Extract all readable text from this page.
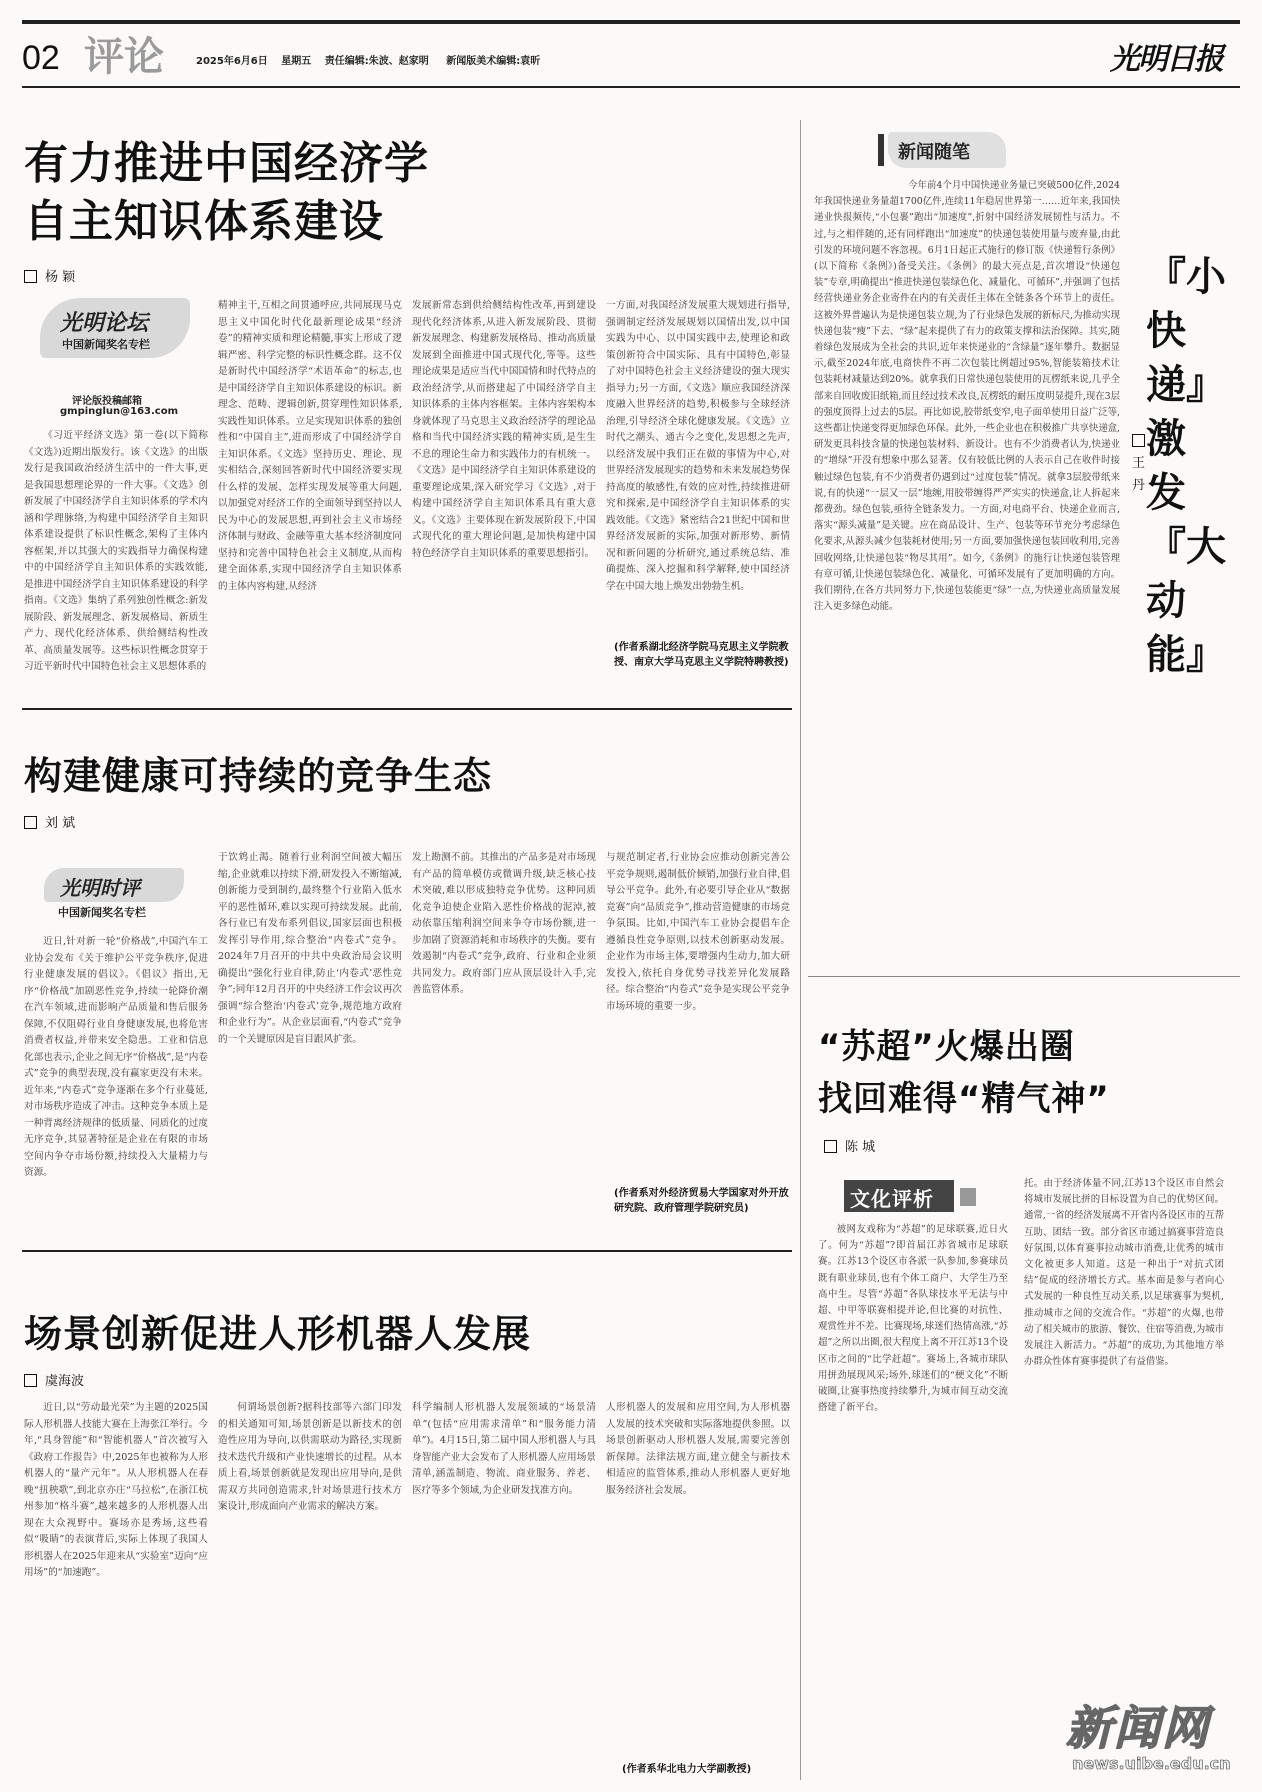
02 评论	2025年6月6日 星期五 责任编辑:朱波、赵家明 新闻版美术编辑:袁昕	光明日报
有力推进中国经济学
自主知识体系建设
杨 颖
光明论坛
中国新闻奖名专栏
评论版投稿邮箱
gmpinglun@163.com

《习近平经济文选》第一卷(以下简称《文选》)近期出版发行。该《文选》的出版发行是我国政治经济生活中的一件大事,更是我国思想理论界的一件大事。《文选》创新发展了中国经济学自主知识体系的学术内涵和学理脉络,为构建中国经济学自主知识体系建设提供了标识性概念,架构了主体内容框架,并以其强大的实践指导力确保构建中的中国经济学自主知识体系的实践效能,是推进中国经济学自主知识体系建设的科学指南。《文选》集纳了系列独创性概念:新发展阶段、新发展理念、新发展格局、新质生产力、现代化经济体系、供给侧结构性改革、高质量发展等。这些标识性概念贯穿于习近平新时代中国特色社会主义思想体系的

精神主干,互相之间贯通呼应,共同展现马克思主义中国化时代化最新理论成果“经济卷”的精神实质和理论精髓,事实上形成了逻辑严密、科学完整的标识性概念群。这不仅是新时代中国经济学“术语革命”的标志,也是中国经济学自主知识体系建设的标识。新理念、范畴、逻辑创新,贯穿理性知识体系,实践性知识体系。立足实现知识体系的独创性和“中国自主”,进而形成了中国经济学自主知识体系。《文选》坚持历史、理论、现实相结合,深刻回答新时代中国经济要实现什么样的发展、怎样实现发展等重大问题,以加强党对经济工作的全面领导到坚持以人民为中心的发展思想,再到社会主义市场经济体制与财政、金融等重大基本经济制度同坚持和完善中国特色社会主义制度,从而构建全面体系,实现中国经济学自主知识体系的主体内容构建,从经济

发展新常态到供给侧结构性改革,再到建设现代化经济体系,从进入新发展阶段、贯彻新发展理念、构建新发展格局、推动高质量发展到全面推进中国式现代化,等等。这些理论成果是适应当代中国国情和时代特点的政治经济学,从而搭建起了中国经济学自主知识体系的主体内容框架。主体内容架构本身就体现了马克思主义政治经济学的理论品格和当代中国经济实践的精神实质,是生生不息的理论生命力和实践伟力的有机统一。《文选》是中国经济学自主知识体系建设的重要理论成果,深入研究学习《文选》,对于构建中国经济学自主知识体系具有重大意义。《文选》主要体现在新发展阶段下,中国式现代化的重大理论问题,是加快构建中国特色经济学自主知识体系的重要思想指引。

一方面,对我国经济发展重大规划进行指导,强调制定经济发展规划以国情出发,以中国实践为中心、以中国实践中去,使理论和政策创新符合中国实际、具有中国特色,彰显了对中国特色社会主义经济建设的强大现实指导力;另一方面,《文选》顺应我国经济深度融入世界经济的趋势,积极参与全球经济治理,引导经济全球化健康发展。《文选》立时代之潮头、通古今之变化,发思想之先声,以经济发展中我们正在做的事情为中心,对世界经济发展现实的趋势和未来发展趋势保持高度的敏感性,有效的应对性,持续推进研究和探索,是中国经济学自主知识体系的实践效能。《文选》紧密结合21世纪中国和世界经济发展新的实际,加强对新形势、新情况和新问题的分析研究,通过系统总结、准确提炼、深入挖掘和科学解释,使中国经济学在中国大地上焕发出勃勃生机。

(作者系湖北经济学院马克思主义学院教授、南京大学马克思主义学院特聘教授)
构建健康可持续的竞争生态
刘 斌
光明时评
中国新闻奖名专栏

近日,针对新一轮“价格战”,中国汽车工业协会发布《关于维护公平竞争秩序,促进行业健康发展的倡议》。《倡议》指出,无序“价格战”加剧恶性竞争,持续一轮降价潮在汽车领域,进而影响产品质量和售后服务保障,不仅阻碍行业自身健康发展,也将危害消费者权益,并带来安全隐患。工业和信息化部也表示,企业之间无序“价格战”,是“内卷式”竞争的典型表现,没有赢家更没有未来。近年来,“内卷式”竞争逐渐在多个行业蔓延,对市场秩序造成了冲击。这种竞争本质上是一种背离经济规律的低质量、同质化的过度无序竞争,其显著特征是企业在有限的市场空间内争夺市场份额,持续投入大量精力与资源。

于饮鸩止渴。随着行业利润空间被大幅压缩,企业就难以持续下滑,研发投入不断缩减,创新能力受到制约,最终整个行业陷入低水平的恶性循环,难以实现可持续发展。此前,各行业已有发布系列倡议,国家层面也积极发挥引导作用,综合整治“内卷式”竞争。2024年7月召开的中共中央政治局会议明确提出“强化行业自律,防止‘内卷式’恶性竞争”;同年12月召开的中央经济工作会议再次强调“综合整治‘内卷式’竞争,规范地方政府和企业行为”。从企业层面看,“内卷式”竞争的一个关键原因是盲目跟风扩张。

发上勘测不前。其推出的产品多是对市场现有产品的简单模仿或微调升级,缺乏核心技术突破,难以形成独特竞争优势。这种同质化竞争迫使企业陷入恶性价格战的泥淖,被动依靠压缩利润空间来争夺市场份额,进一步加剧了资源消耗和市场秩序的失衡。要有效遏制“内卷式”竞争,政府、行业和企业须共同发力。政府部门应从顶层设计入手,完善监管体系。

与规范制定者,行业协会应推动创新完善公平竞争规则,遏制低价倾销,加强行业自律,倡导公平竞争。此外,有必要引导企业从“数据竞赛”向“品质竞争”,推动营造健康的市场竞争氛围。比如,中国汽车工业协会提倡车企遵循良性竞争原则,以技术创新驱动发展。企业作为市场主体,要增强内生动力,加大研发投入,依托自身优势寻找差异化发展路径。综合整治“内卷式”竞争是实现公平竞争市场环境的重要一步。

(作者系对外经济贸易大学国家对外开放研究院、政府管理学院研究员)
场景创新促进人形机器人发展
虞海波

近日,以“劳动最光荣”为主题的2025国际人形机器人技能大赛在上海张江举行。今年,“具身智能”和“智能机器人”首次被写入《政府工作报告》中,2025年也被称为人形机器人的“量产元年”。从人形机器人在春晚“扭秧歌”,到北京亦庄“马拉松”,在浙江杭州参加“格斗赛”,越来越多的人形机器人出现在大众视野中。赛场亦是秀场,这些看似“吸睛”的表演背后,实际上体现了我国人形机器人在2025年迎来从“实验室”迈向“应用场”的“加速跑”。

何谓场景创新?据科技部等六部门印发的相关通知可知,场景创新是以新技术的创造性应用为导向,以供需联动为路径,实现新技术迭代升级和产业快速增长的过程。从本质上看,场景创新就是发现出应用导向,是供需双方共同创造需求,针对场景进行技术方案设计,形成面向产业需求的解决方案。

科学编制人形机器人发展领域的“场景清单”(包括“应用需求清单”和“服务能力清单”)。4月15日,第二届中国人形机器人与具身智能产业大会发布了人形机器人应用场景清单,涵盖制造、物流、商业服务、养老、医疗等多个领域,为企业研发找准方向。

人形机器人的发展和应用空间,为人形机器人发展的技术突破和实际落地提供参照。以场景创新驱动人形机器人发展,需要完善创新保障。法律法规方面,建立健全与新技术相适应的监管体系,推动人形机器人更好地服务经济社会发展。

(作者系华北电力大学副教授)
新闻随笔

今年前4个月中国快递业务量已突破500亿件,2024年我国快递业务量超1700亿件,连续11年稳居世界第一……近年来,我国快递业快报频传,“小包裹”跑出“加速度”,折射中国经济发展韧性与活力。不过,与之相伴随的,还有同样跑出“加速度”的快递包装使用量与废弃量,由此引发的环境问题不容忽视。6月1日起正式施行的修订版《快递暂行条例》(以下简称《条例》)备受关注。《条例》的最大亮点是,首次增设“快递包装”专章,明确提出“推进快递包装绿色化、减量化、可循环”,并强调了包括经营快递业务企业寄件在内的有关责任主体在全链条各个环节上的责任。这被外界普遍认为是快递包装立规,为了行业绿色发展的新标尺,为推动实现快递包装“瘦”下去、“绿”起来提供了有力的政策支撑和法治保障。其实,随着绿色发展成为全社会的共识,近年来快递业的“含绿量”逐年攀升。数据显示,截至2024年底,电商快件不再二次包装比例超过95%,智能装箱技术让包装耗材减量达到20%。就拿我们日常快递包装使用的瓦楞纸来说,几乎全部来自回收废旧纸箱,而且经过技术改良,瓦楞纸的耐压度明显提升,现在3层的强度顶得上过去的5层。再比如说,胶带纸变窄,电子面单使用日益广泛等,这些都让快递变得更加绿色环保。此外,一些企业也在积极推广共享快递盒,研发更具科技含量的快递包装材料、新设计。也有不少消费者认为,快递业的“增绿”开没有想象中那么显著。仅有较低比例的人表示自己在收件时接触过绿色包装,有不少消费者仍遇到过“过度包装”情况。就拿3层胶带纸来说,有的快递“一层又一层”地缠,用胶带缠得严严实实的快递盒,让人拆起来都费劲。绿色包装,亟待全链条发力。一方面,对电商平台、快递企业而言,落实“源头减量”是关键。应在商品设计、生产、包装等环节充分考虑绿色化要求,从源头减少包装耗材使用;另一方面,要加强快递包装回收利用,完善回收网络,让快递包装“物尽其用”。如今,《条例》的施行让快递包装管理有章可循,让快递包装绿色化、减量化、可循环发展有了更加明确的方向。我们期待,在各方共同努力下,快递包装能更“绿”一点,为快递业高质量发展注入更多绿色动能。

『小快递』激发『大动能』
王 丹
“苏超”火爆出圈
找回难得“精气神”
陈 城
文化评析

被网友戏称为“苏超”的足球联赛,近日火了。何为“苏超”?即首届江苏省城市足球联赛。江苏13个设区市各派一队参加,参赛球员既有职业球员,也有个体工商户、大学生乃至高中生。尽管“苏超”各队球技水平无法与中超、中甲等联赛相提并论,但比赛的对抗性、观赏性并不差。比赛现场,球迷们热情高涨,“苏超”之所以出圈,很大程度上离不开江苏13个设区市之间的“比学赶超”。赛场上,各城市球队用拼劲展现风采;场外,球迷们的“梗文化”不断破圈,让赛事热度持续攀升,为城市间互动交流搭建了新平台。

托。由于经济体量不同,江苏13个设区市自然会将城市发展比拼的目标设置为自己的优势区间。通常,一省的经济发展离不开省内各设区市的互帮互助、团结一致。部分省区市通过搞赛事营造良好氛围,以体育赛事拉动城市消费,让优秀的城市文化被更多人知道。这是一种出于“对抗式团结”促成的经济增长方式。基本面是参与者向心式发展的一种良性互动关系,以足球赛事为契机,推动城市之间的交流合作。“苏超”的火爆,也带动了相关城市的旅游、餐饮、住宿等消费,为城市发展注入新活力。“苏超”的成功,为其他地方举办群众性体育赛事提供了有益借鉴。

新闻网
news.uibe.edu.cn
